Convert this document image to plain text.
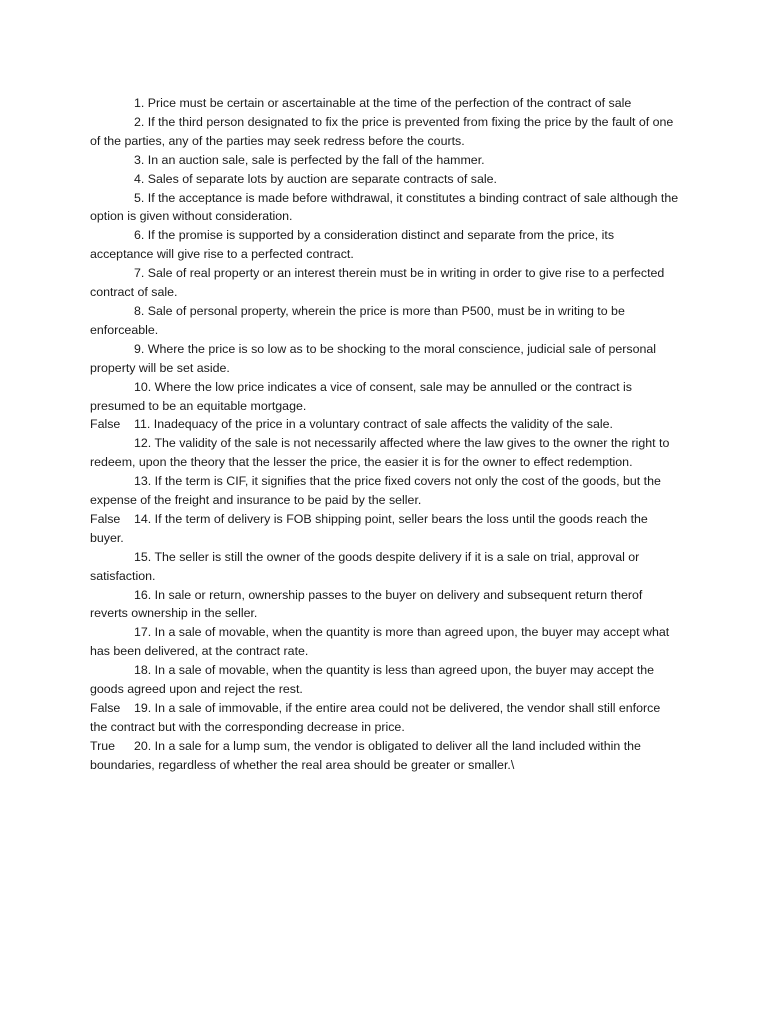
1. Price must be certain or ascertainable at the time of the perfection of the contract of sale

2. If the third person designated to fix the price is prevented from fixing the price by the fault of one of the parties, any of the parties may seek redress before the courts.

3. In an auction sale, sale is perfected by the fall of the hammer.

4. Sales of separate lots by auction are separate contracts of sale.

5. If the acceptance is made before withdrawal, it constitutes a binding contract of sale although the option is given without consideration.

6. If the promise is supported by a consideration distinct and separate from the price, its acceptance will give rise to a perfected contract.

7. Sale of real property or an interest therein must be in writing in order to give rise to a perfected contract of sale.

8. Sale of personal property, wherein the price is more than P500, must be in writing to be enforceable.

9. Where the price is so low as to be shocking to the moral conscience, judicial sale of personal property will be set aside.

10. Where the low price indicates a vice of consent, sale may be annulled or the contract is presumed to be an equitable mortgage.

False 11. Inadequacy of the price in a voluntary contract of sale affects the validity of the sale.

12. The validity of the sale is not necessarily affected where the law gives to the owner the right to redeem, upon the theory that the lesser the price, the easier it is for the owner to effect redemption.

13. If the term is CIF, it signifies that the price fixed covers not only the cost of the goods, but the expense of the freight and insurance to be paid by the seller.

False 14. If the term of delivery is FOB shipping point, seller bears the loss until the goods reach the buyer.

15. The seller is still the owner of the goods despite delivery if it is a sale on trial, approval or satisfaction.

16. In sale or return, ownership passes to the buyer on delivery and subsequent return therof reverts ownership in the seller.

17. In a sale of movable, when the quantity is more than agreed upon, the buyer may accept what has been delivered, at the contract rate.

18. In a sale of movable, when the quantity is less than agreed upon, the buyer may accept the goods agreed upon and reject the rest.

False 19. In a sale of immovable, if the entire area could not be delivered, the vendor shall still enforce the contract but with the corresponding decrease in price.

True 20. In a sale for a lump sum, the vendor is obligated to deliver all the land included within the boundaries, regardless of whether the real area should be greater or smaller.\
